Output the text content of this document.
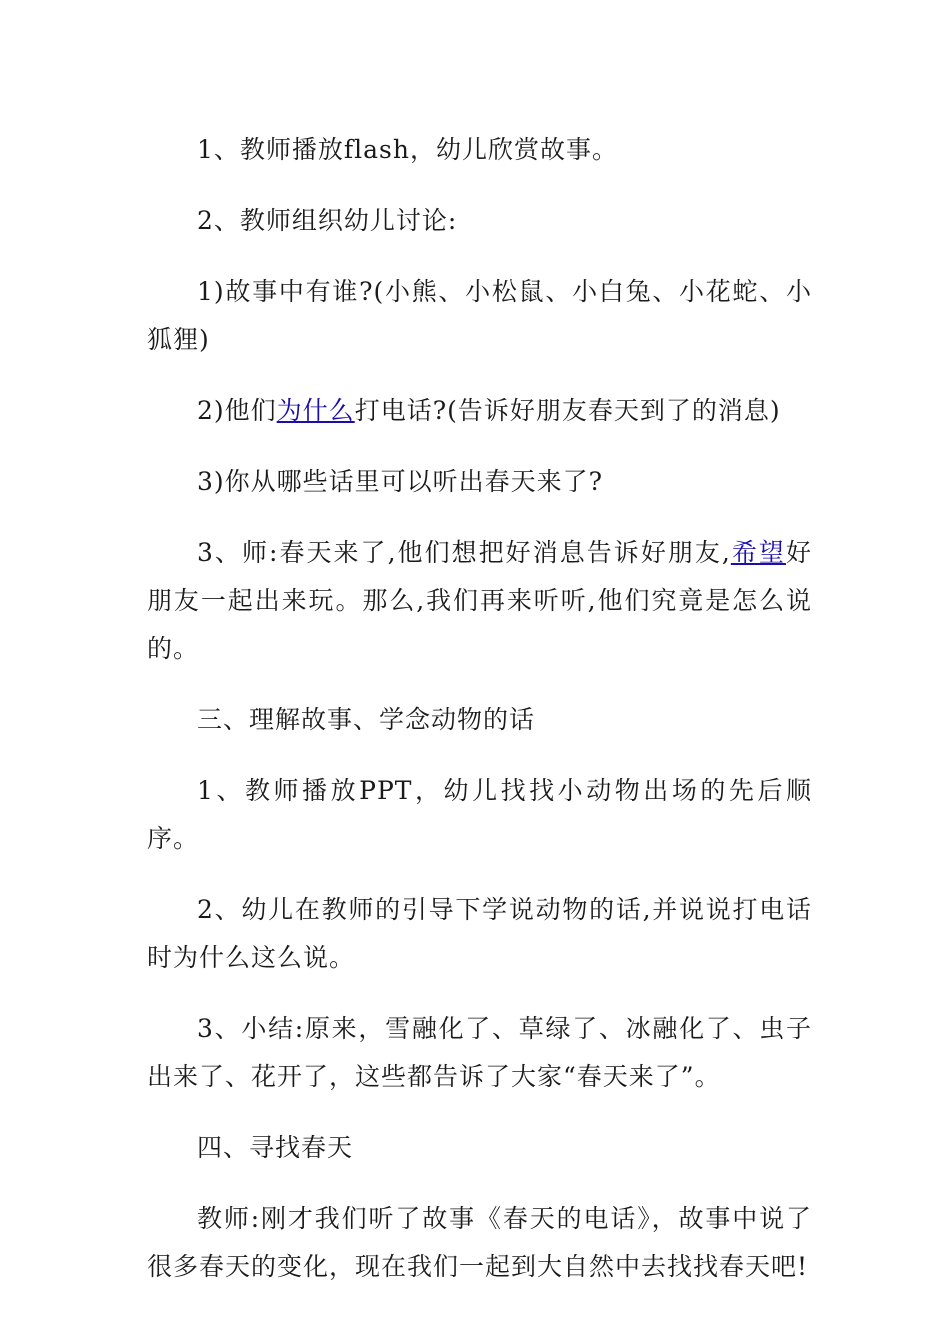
1、教师播放flash，幼儿欣赏故事。

2、教师组织幼儿讨论:

1)故事中有谁?(小熊、小松鼠、小白兔、小花蛇、小狐狸)

2)他们为什么打电话?(告诉好朋友春天到了的消息)

3)你从哪些话里可以听出春天来了?

3、师:春天来了,他们想把好消息告诉好朋友,希望好朋友一起出来玩。那么,我们再来听听,他们究竟是怎么说的。

三、理解故事、学念动物的话

1、教师播放PPT，幼儿找找小动物出场的先后顺序。

2、幼儿在教师的引导下学说动物的话,并说说打电话时为什么这么说。

3、小结:原来，雪融化了、草绿了、冰融化了、虫子出来了、花开了，这些都告诉了大家“春天来了”。

四、寻找春天

教师:刚才我们听了故事《春天的电话》，故事中说了很多春天的变化，现在我们一起到大自然中去找找春天吧!
